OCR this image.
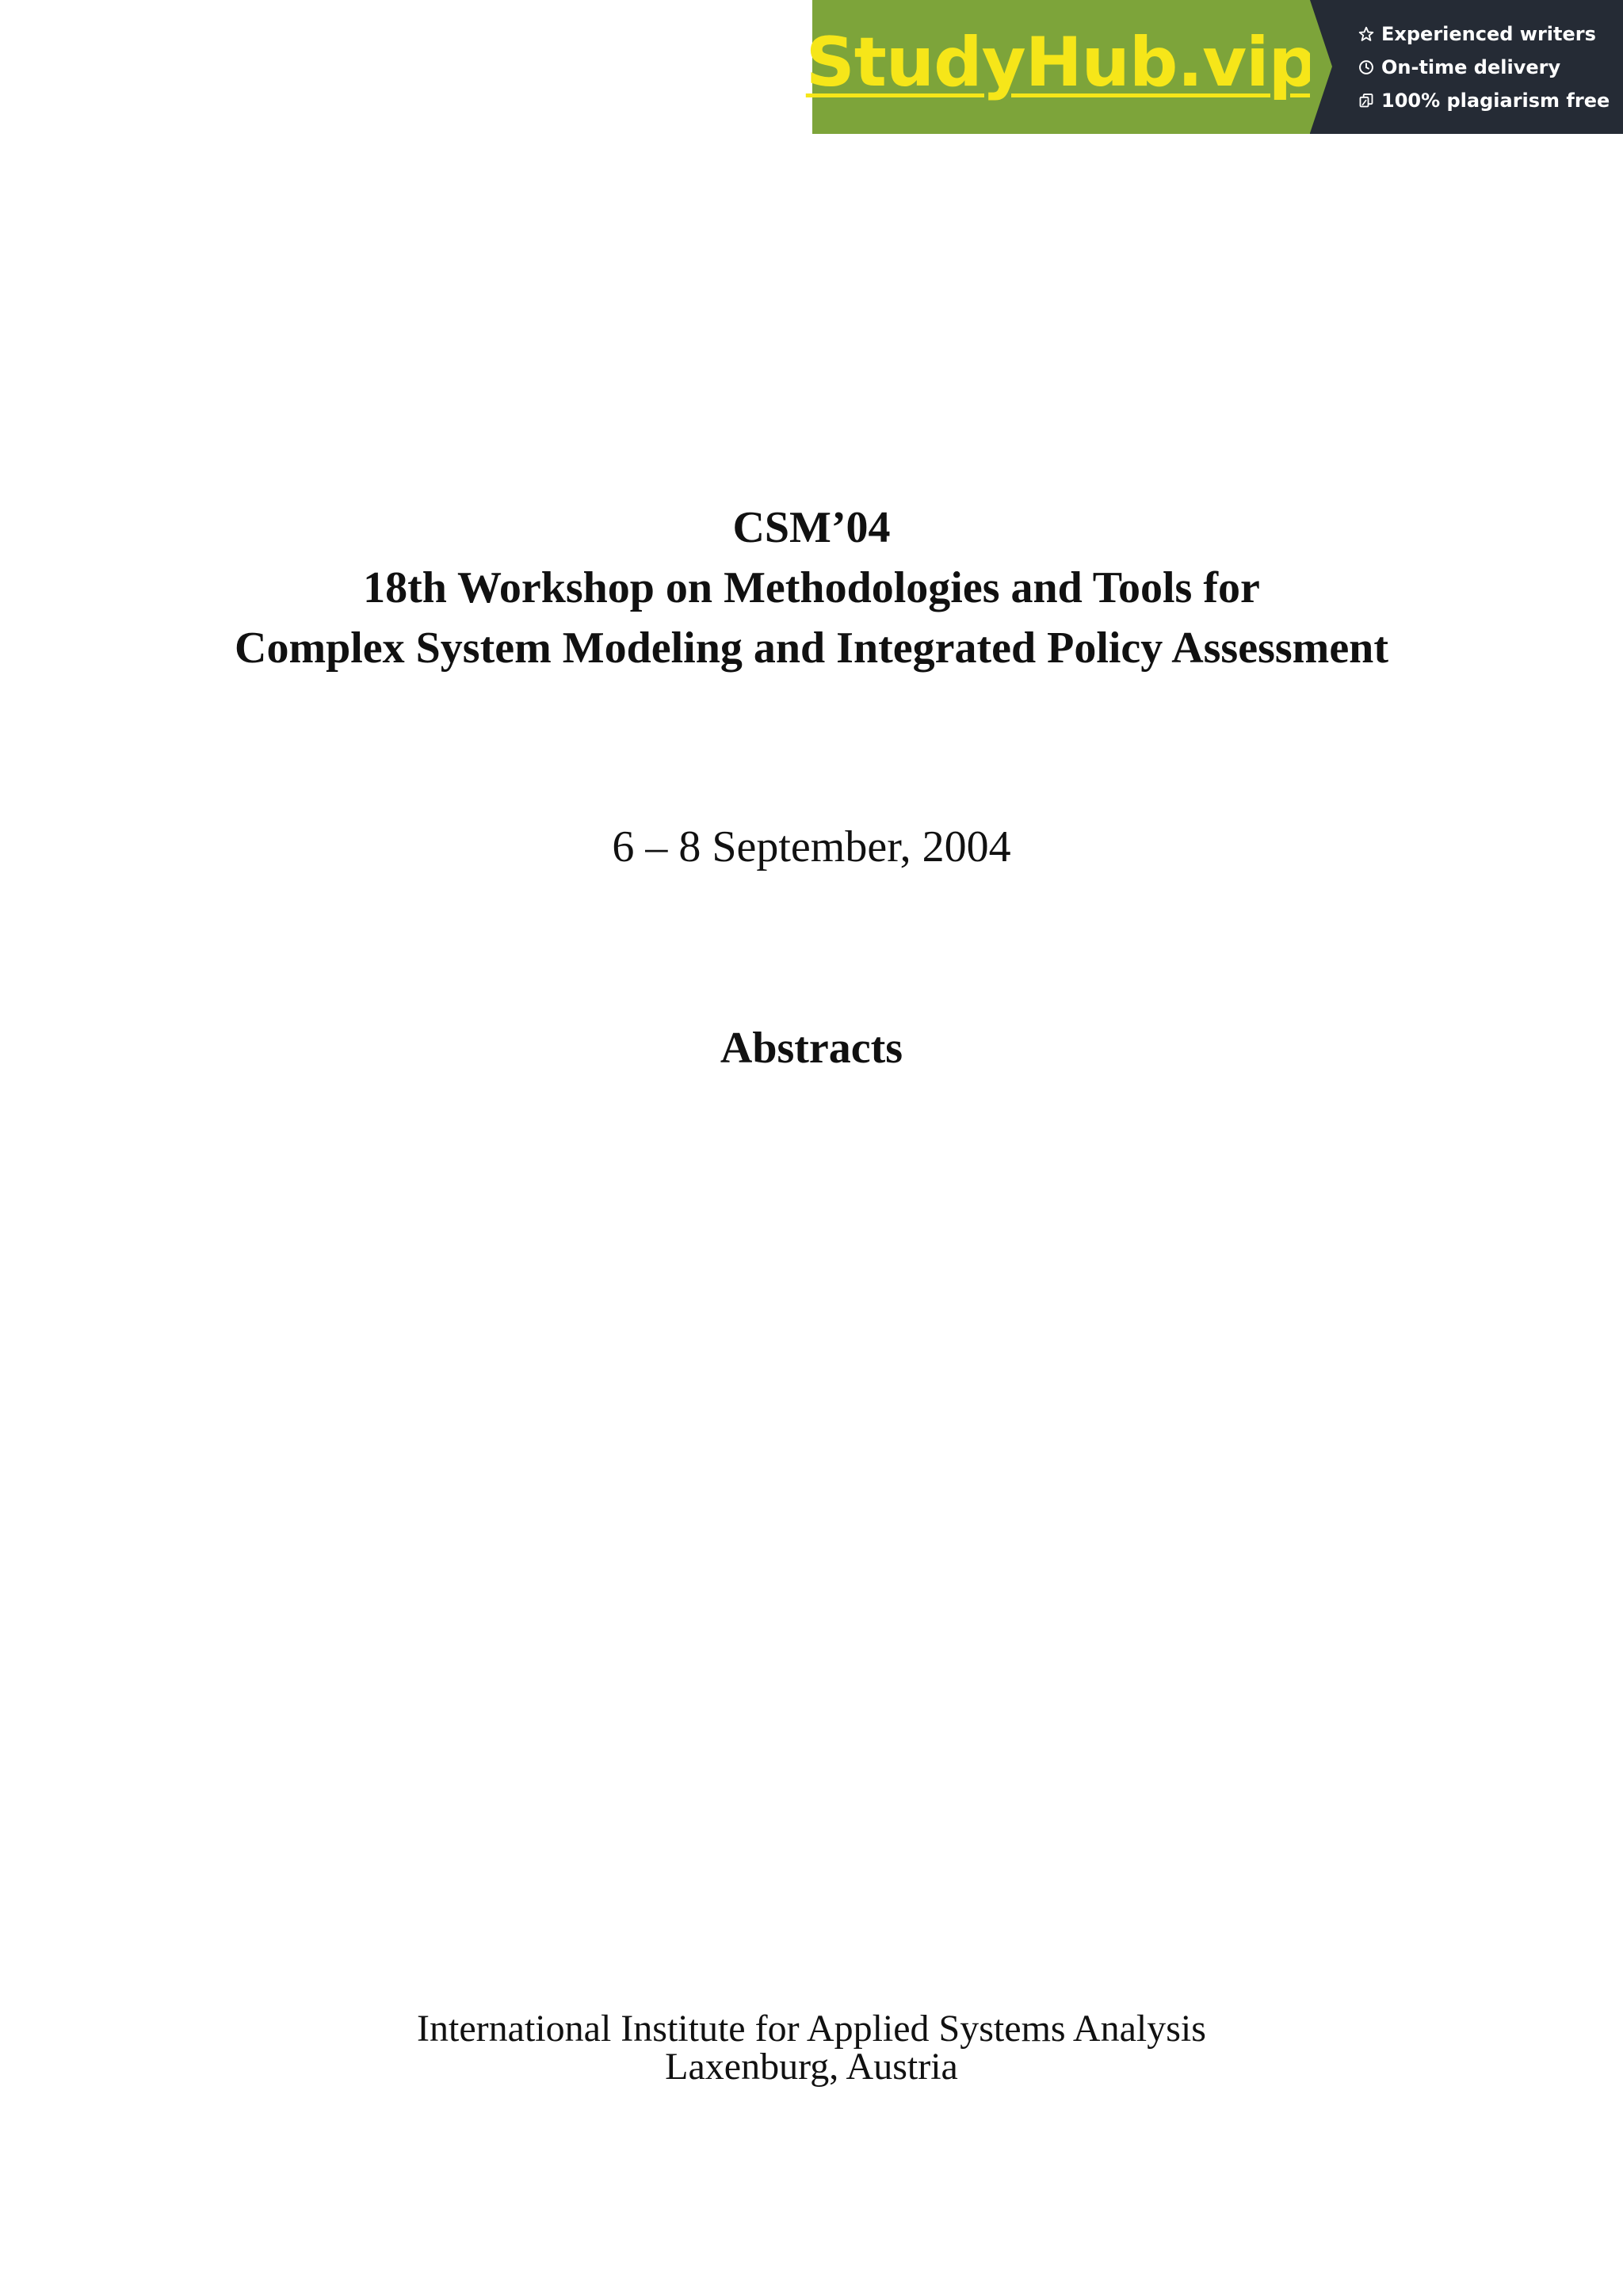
StudyHub.vip	Experienced writers
On-time delivery
100% plagiarism free
CSM’04
18th Workshop on Methodologies and Tools for
Complex System Modeling and Integrated Policy Assessment
6 – 8 September, 2004
Abstracts
International Institute for Applied Systems Analysis
Laxenburg, Austria
